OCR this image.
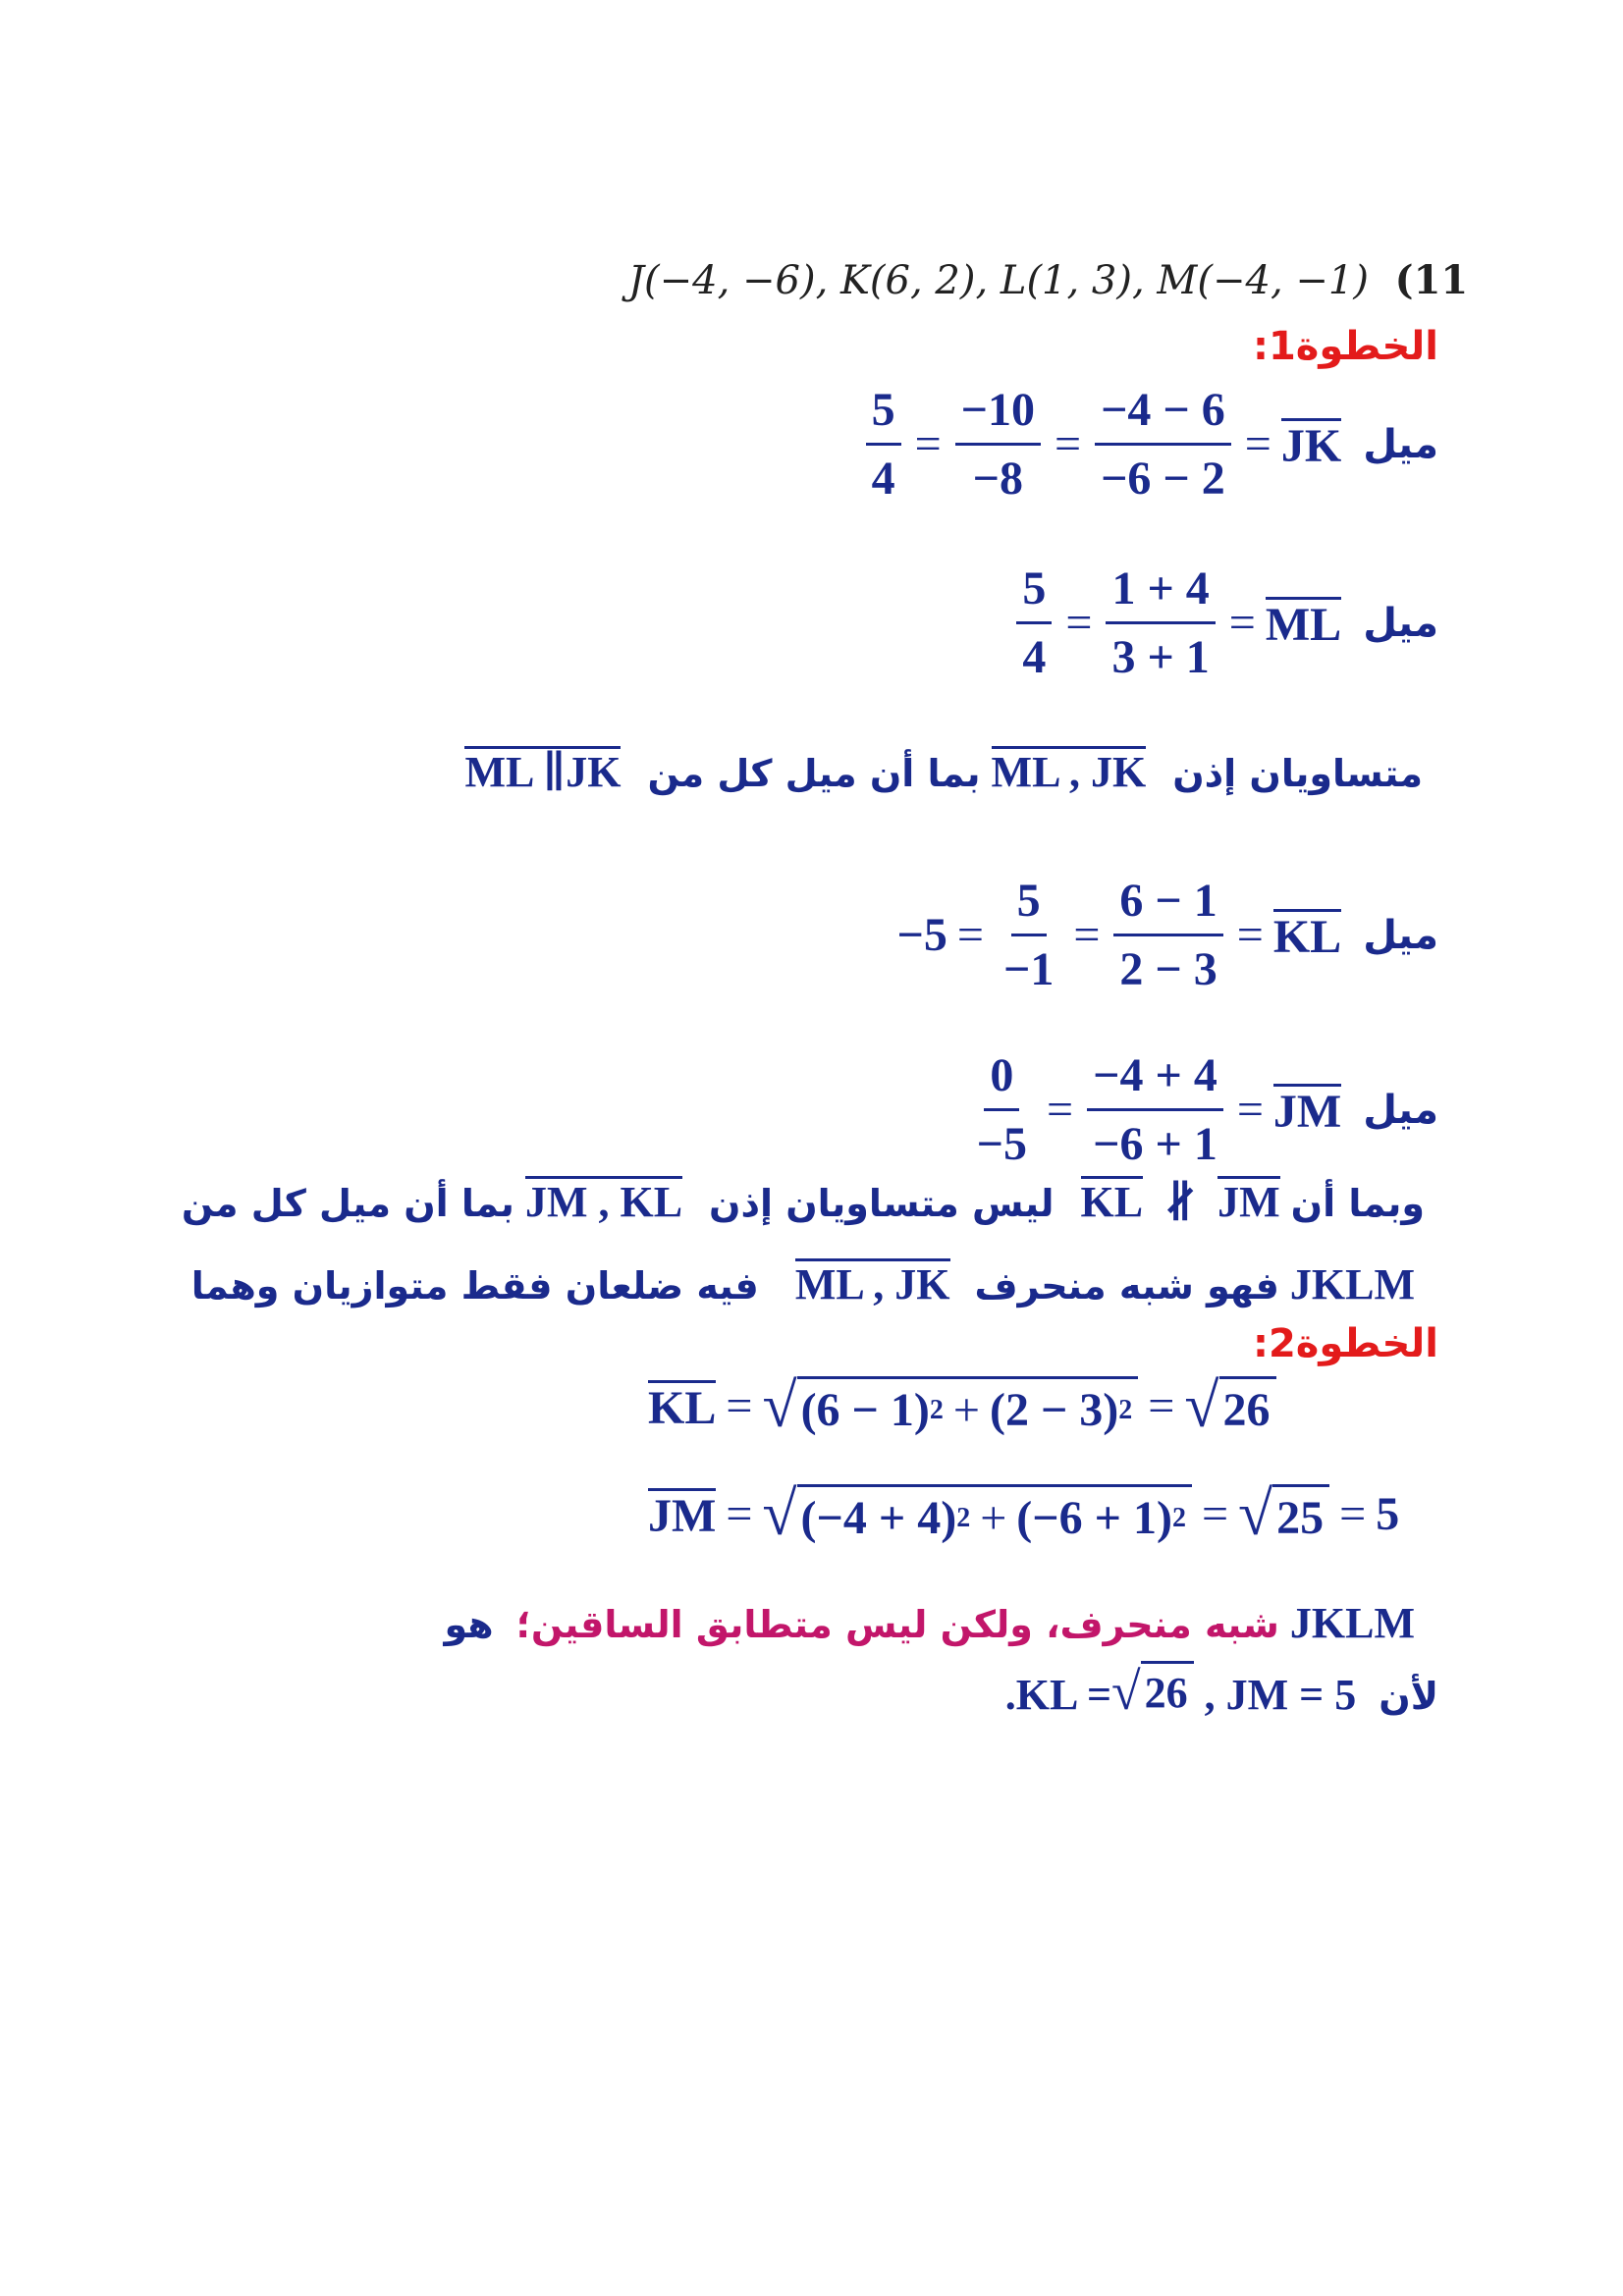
J(−4, −6), K(6, 2), L(1, 3), M(−4, −1) (11
الخطوة1:
$\frac{5}{4} = \frac{-10}{-8} = \frac{-4 - 6}{-6 - 2}$ = JK ميل
$\frac{5}{4} = \frac{1 + 4}{3 + 1}$ = ML ميل
ML ∥JK	متساويان إذن ML , JK بما أن ميل كل من
$-5 = \frac{5}{-1} = \frac{6 - 1}{2 - 3}$ = KL ميل
$\frac{0}{-5} = \frac{-4 + 4}{-6 + 1}$ = JM ميل
وبما أن JM ∦ KL ليس متساويان إذن JM , KL بما أن ميل كل من
فهو شبه منحرف ML , JK فيه ضلعان فقط متوازيان وهما	JKLM
الخطوة2:
KL = √ (6 − 1) 2 + (2 − 3) 2 = √ 26
JM = √ (−4 + 4) 2 + (−6 + 1) 2 = √ 25 = 5
شبه منحرف، ولكن ليس متطابق الساقين؛ هو	JKLM
.KL = √ 26 , JM = 5 لأن
